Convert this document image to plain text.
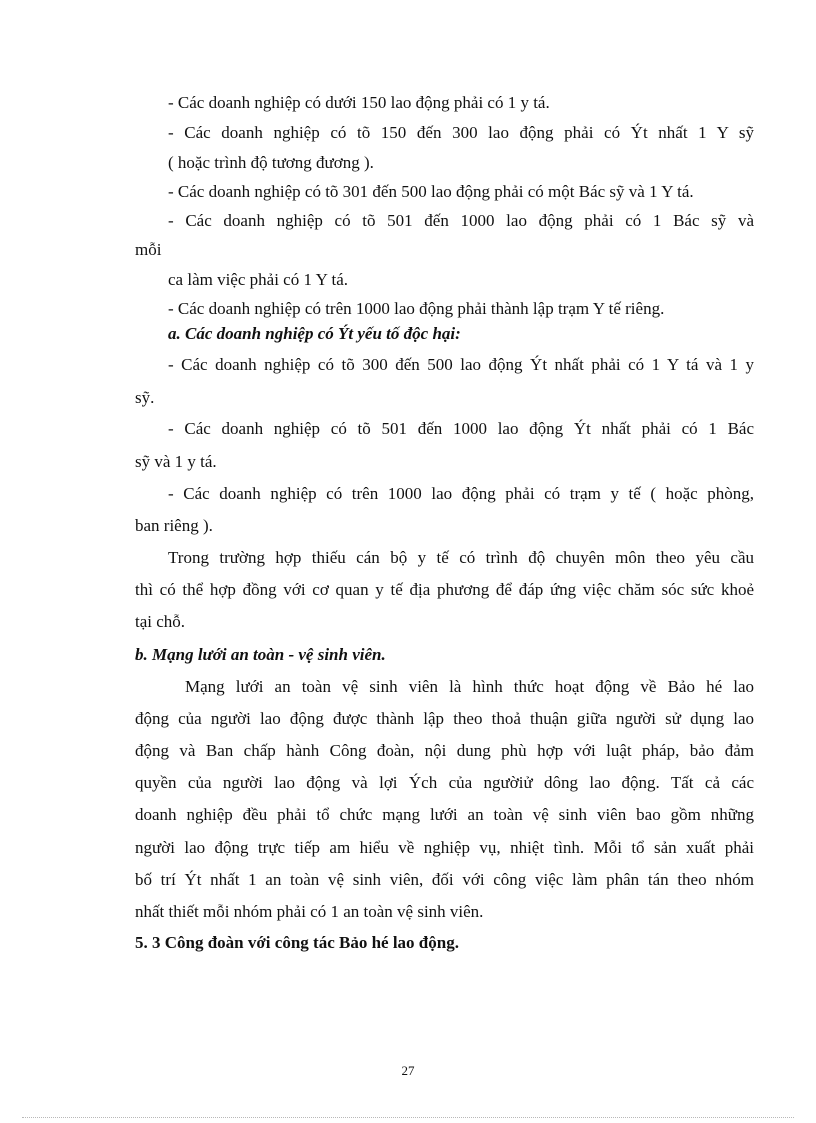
- Các doanh nghiệp có dưới 150 lao động phải có 1 y tá.
- Các doanh nghiệp có tõ 150 đến 300 lao động phải có Ýt nhất 1 Y sỹ
( hoặc trình độ tương đương ).
- Các doanh nghiệp có tõ 301 đến 500 lao động phải có một Bác sỹ và 1 Y tá.
- Các doanh nghiệp có tõ 501 đến 1000 lao động phải có 1 Bác sỹ và
mỗi
ca làm việc phải có 1 Y tá.
- Các doanh nghiệp có trên 1000 lao động phải thành lập trạm Y tế riêng.
a. Các doanh nghiệp có Ýt yếu tố độc hại:
- Các doanh nghiệp có tõ 300 đến 500 lao động Ýt nhất phải có 1 Y tá và 1 y
sỹ.
- Các doanh nghiệp có tõ 501 đến 1000 lao động Ýt nhất phải có 1 Bác
sỹ và 1 y tá.
- Các doanh nghiệp có trên 1000 lao động phải có trạm y tế ( hoặc phòng,
ban riêng ).
Trong trường hợp thiếu cán bộ y tế có trình độ chuyên môn theo yêu cầu
thì có thể hợp đồng với cơ quan y tế địa phương để đáp ứng việc chăm sóc sức khoẻ
tại chỗ.
b. Mạng lưới an toàn - vệ sinh viên.
Mạng lưới an toàn vệ sinh viên là hình thức hoạt động về Bảo hé lao
động của người lao động được thành lập theo thoả thuận giữa người sử dụng lao
động và Ban chấp hành Công đoàn, nội dung phù hợp với luật pháp, bảo đảm
quyền của người lao động và lợi Ých của ngườiử dông lao động. Tất cả các
doanh nghiệp đều phải tổ chức mạng lưới an toàn vệ sinh viên bao gồm những
người lao động trực tiếp am hiểu về nghiệp vụ, nhiệt tình. Mỗi tổ sản xuất phải
bố trí Ýt nhất 1 an toàn vệ sinh viên, đối với công việc làm phân tán theo nhóm
nhất thiết mỗi nhóm phải có 1 an toàn vệ sinh viên.
5. 3 Công đoàn với công tác Bảo hé lao động.
27
